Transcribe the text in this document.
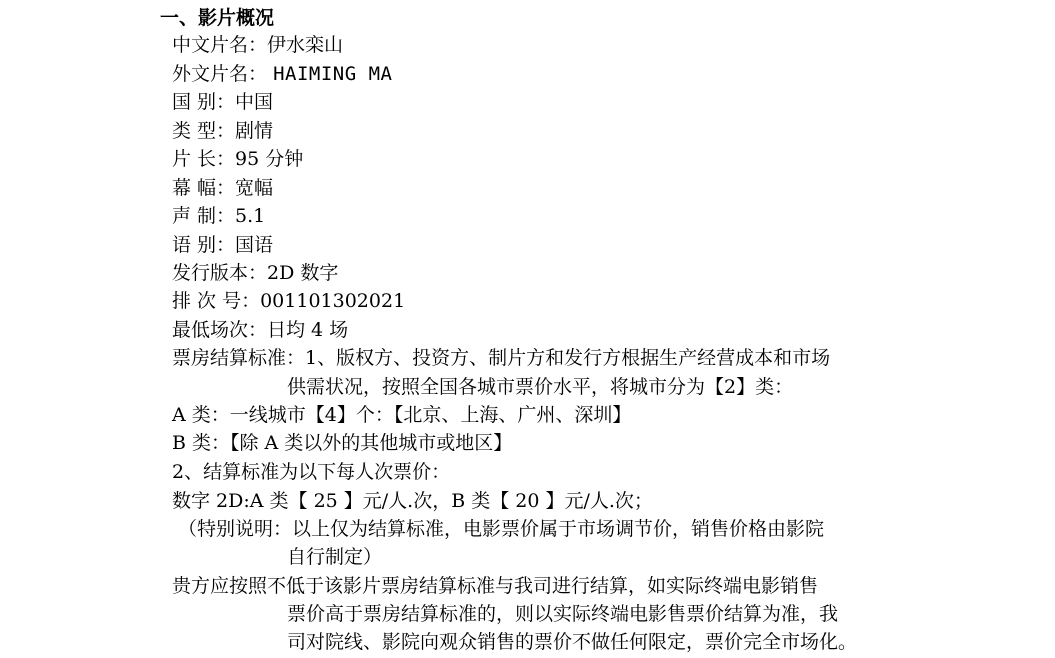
一、影片概况
中文片名：伊水栾山
外文片名： HAIMING MA
国 别：中国
类 型：剧情
片 长：95 分钟
幕 幅：宽幅
声 制：5.1
语 别：国语
发行版本：2D 数字
排 次 号：001101302021
最低场次：日均 4 场
票房结算标准：1、版权方、投资方、制片方和发行方根据生产经营成本和市场
供需状况，按照全国各城市票价水平，将城市分为【2】类：
A 类：一线城市【4】个：【北京、上海、广州、深圳】
B 类：【除 A 类以外的其他城市或地区】
2、结算标准为以下每人次票价：
数字 2D:A 类【 25 】元/人.次，B 类【 20 】元/人.次；
（特别说明：以上仅为结算标准，电影票价属于市场调节价，销售价格由影院
自行制定）
贵方应按照不低于该影片票房结算标准与我司进行结算，如实际终端电影销售
票价高于票房结算标准的，则以实际终端电影售票价结算为准，我
司对院线、影院向观众销售的票价不做任何限定，票价完全市场化。
